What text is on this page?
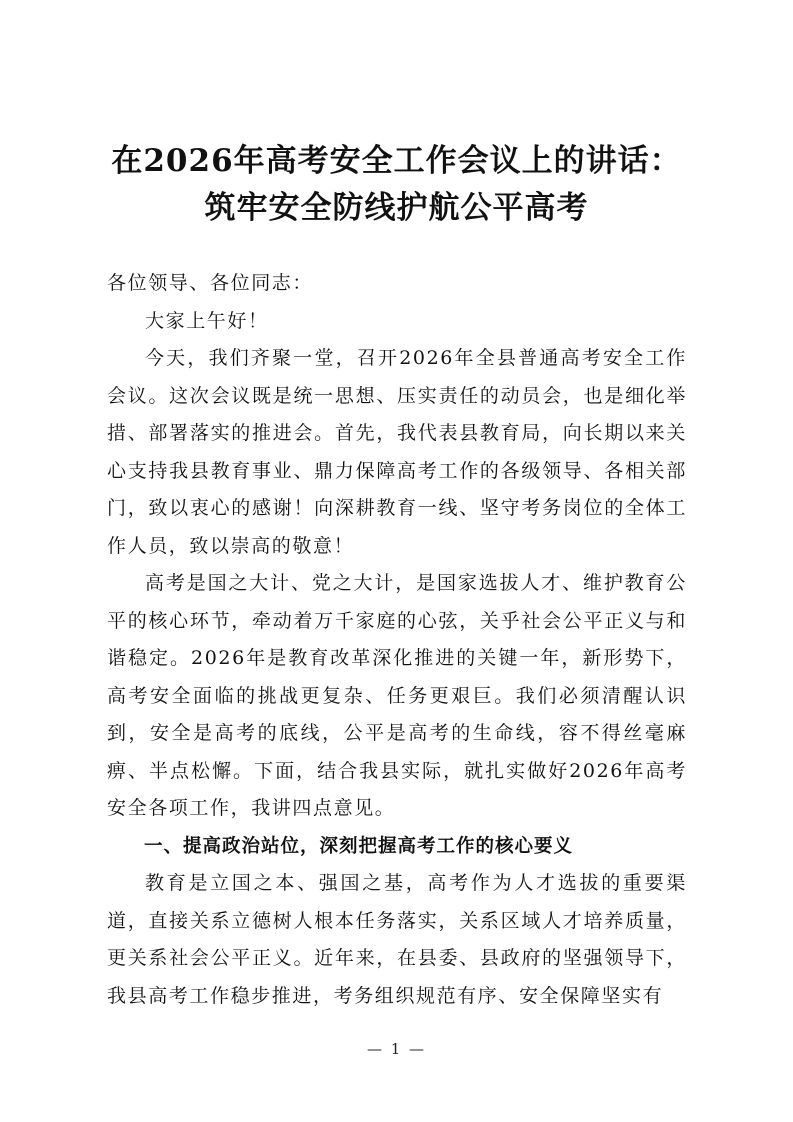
在2026年高考安全工作会议上的讲话：筑牢安全防线护航公平高考

各位领导、各位同志：

大家上午好！

今天，我们齐聚一堂，召开2026年全县普通高考安全工作会议。这次会议既是统一思想、压实责任的动员会，也是细化举措、部署落实的推进会。首先，我代表县教育局，向长期以来关心支持我县教育事业、鼎力保障高考工作的各级领导、各相关部门，致以衷心的感谢！向深耕教育一线、坚守考务岗位的全体工作人员，致以崇高的敬意！

高考是国之大计、党之大计，是国家选拔人才、维护教育公平的核心环节，牵动着万千家庭的心弦，关乎社会公平正义与和谐稳定。2026年是教育改革深化推进的关键一年，新形势下，高考安全面临的挑战更复杂、任务更艰巨。我们必须清醒认识到，安全是高考的底线，公平是高考的生命线，容不得丝毫麻痹、半点松懈。下面，结合我县实际，就扎实做好2026年高考安全各项工作，我讲四点意见。

一、提高政治站位，深刻把握高考工作的核心要义

教育是立国之本、强国之基，高考作为人才选拔的重要渠道，直接关系立德树人根本任务落实，关系区域人才培养质量，更关系社会公平正义。近年来，在县委、县政府的坚强领导下，我县高考工作稳步推进，考务组织规范有序、安全保障坚实有

— 1 —
